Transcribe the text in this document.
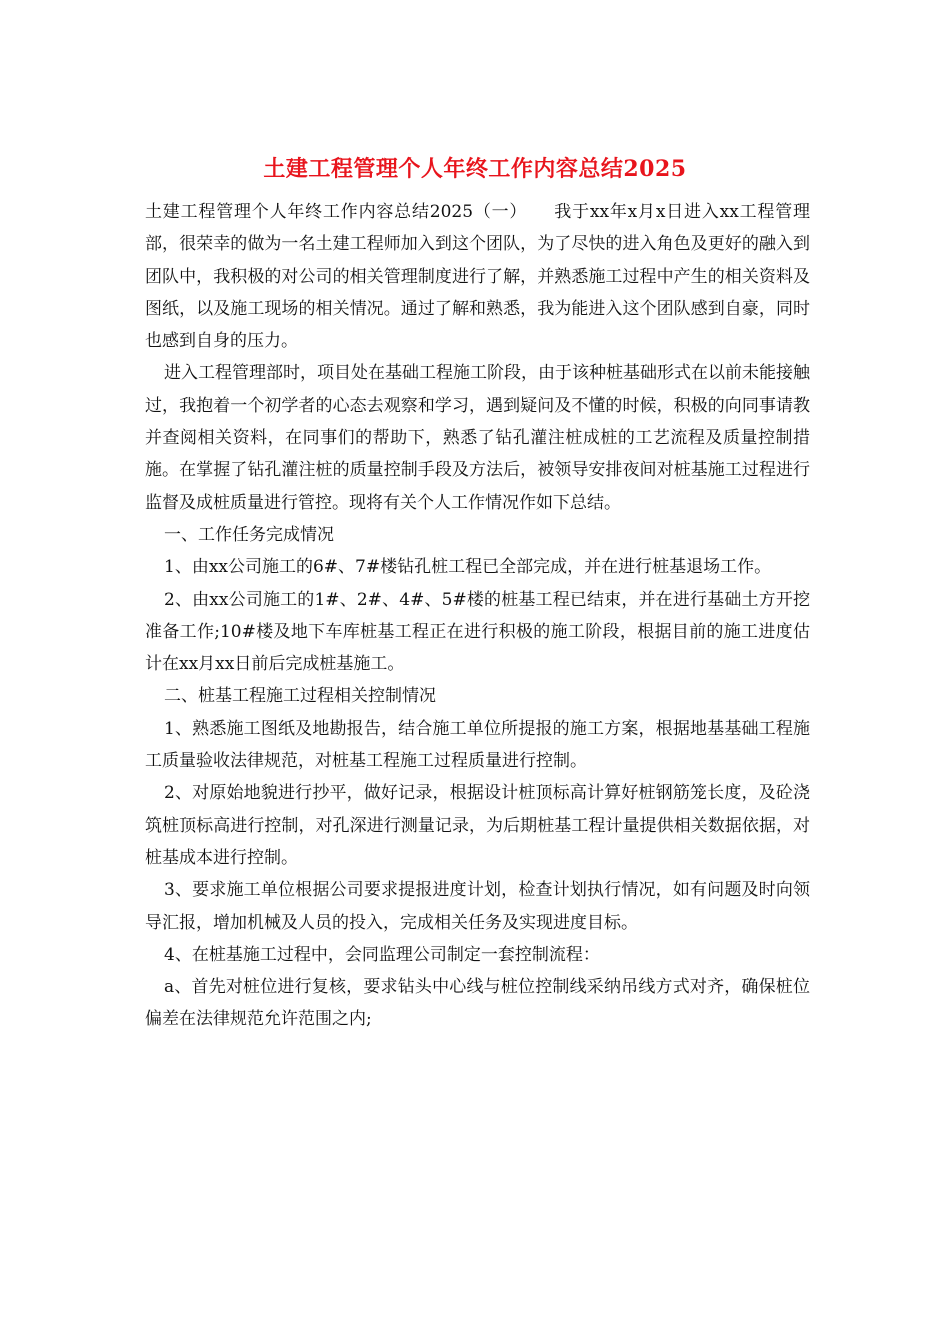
土建工程管理个人年终工作内容总结2025

土建工程管理个人年终工作内容总结2025（一）　　我于xx年x月x日进入xx工程管理部，很荣幸的做为一名土建工程师加入到这个团队，为了尽快的进入角色及更好的融入到团队中，我积极的对公司的相关管理制度进行了解，并熟悉施工过程中产生的相关资料及图纸，以及施工现场的相关情况。通过了解和熟悉，我为能进入这个团队感到自豪，同时也感到自身的压力。

进入工程管理部时，项目处在基础工程施工阶段，由于该种桩基础形式在以前未能接触过，我抱着一个初学者的心态去观察和学习，遇到疑问及不懂的时候，积极的向同事请教并查阅相关资料，在同事们的帮助下，熟悉了钻孔灌注桩成桩的工艺流程及质量控制措施。在掌握了钻孔灌注桩的质量控制手段及方法后，被领导安排夜间对桩基施工过程进行监督及成桩质量进行管控。现将有关个人工作情况作如下总结。

一、工作任务完成情况

1、由xx公司施工的6#、7#楼钻孔桩工程已全部完成，并在进行桩基退场工作。

2、由xx公司施工的1#、2#、4#、5#楼的桩基工程已结束，并在进行基础土方开挖准备工作;10#楼及地下车库桩基工程正在进行积极的施工阶段，根据目前的施工进度估计在xx月xx日前后完成桩基施工。

二、桩基工程施工过程相关控制情况

1、熟悉施工图纸及地勘报告，结合施工单位所提报的施工方案，根据地基基础工程施工质量验收法律规范，对桩基工程施工过程质量进行控制。

2、对原始地貌进行抄平，做好记录，根据设计桩顶标高计算好桩钢筋笼长度，及砼浇筑桩顶标高进行控制，对孔深进行测量记录，为后期桩基工程计量提供相关数据依据，对桩基成本进行控制。

3、要求施工单位根据公司要求提报进度计划，检查计划执行情况，如有问题及时向领导汇报，增加机械及人员的投入，完成相关任务及实现进度目标。

4、在桩基施工过程中，会同监理公司制定一套控制流程：

a、首先对桩位进行复核，要求钻头中心线与桩位控制线采纳吊线方式对齐，确保桩位偏差在法律规范允许范围之内;
